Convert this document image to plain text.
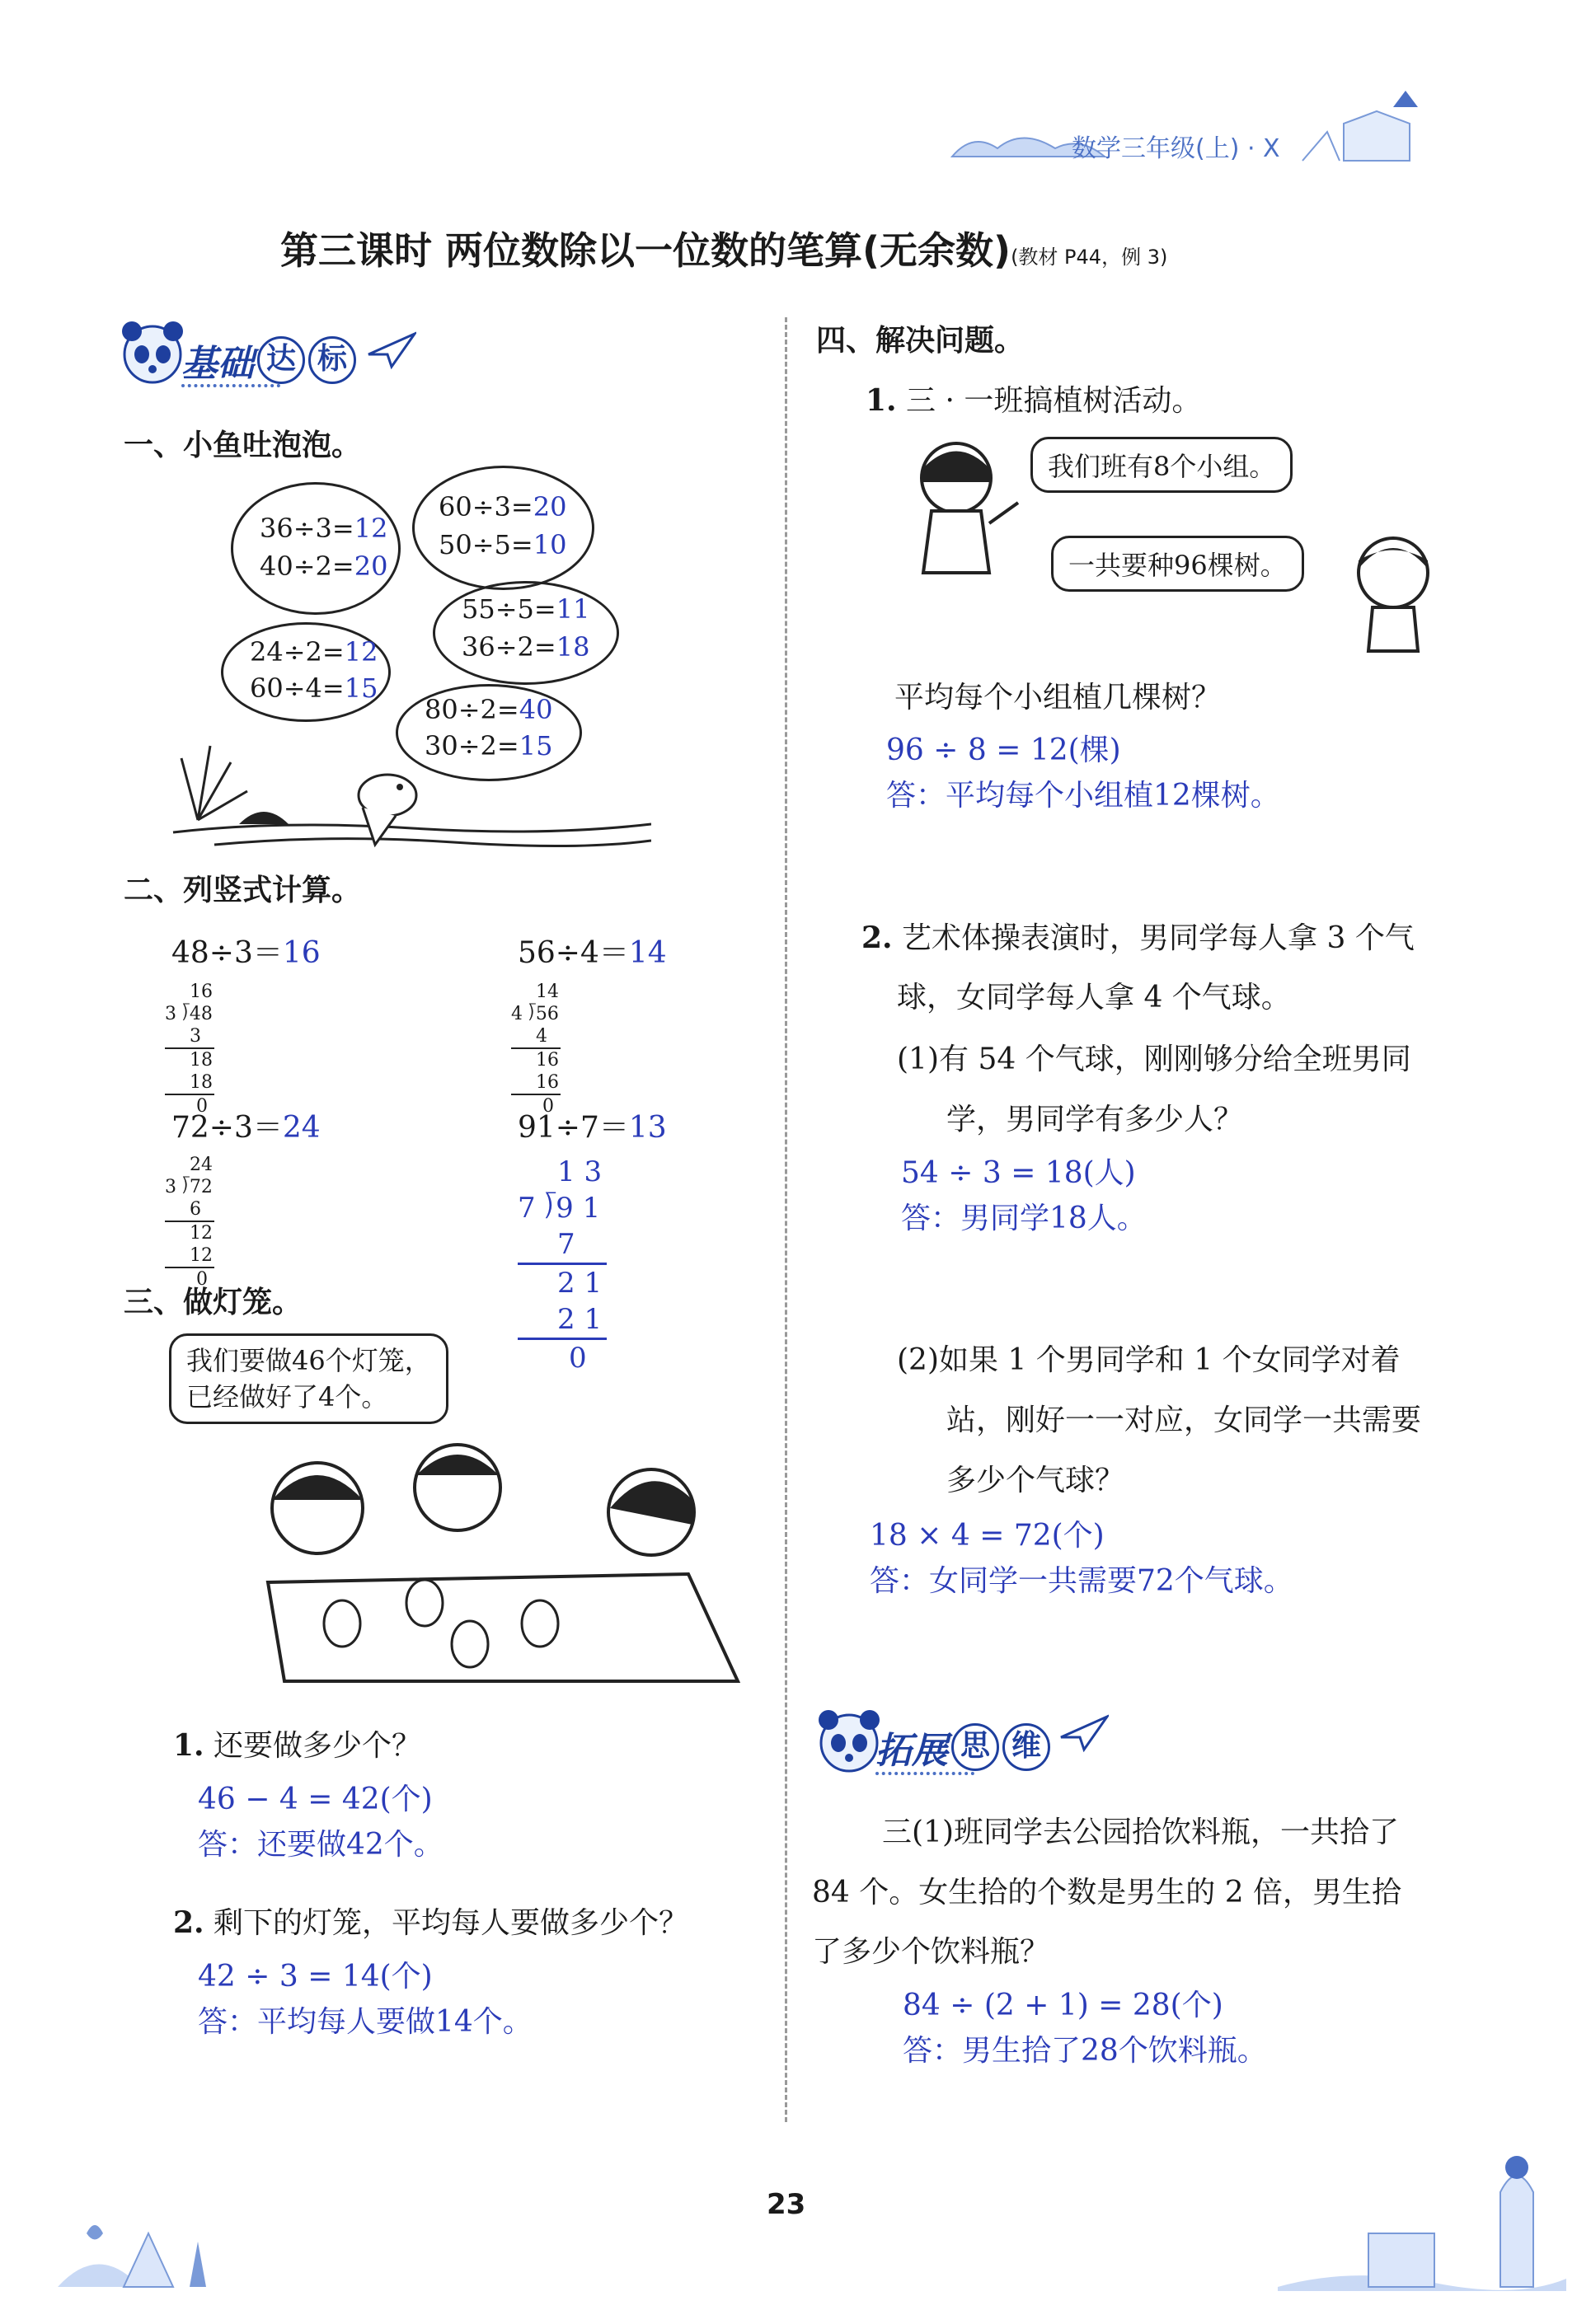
数学三年级(上) · X
第三课时 两位数除以一位数的笔算(无余数)(教材 P44，例 3)
基础 达 标
一、小鱼吐泡泡。
36÷3=12
40÷2=20
60÷3=20
50÷5=10
55÷5=11
36÷2=18
24÷2=12
60÷4=15
80÷2=40
30÷2=15
二、列竖式计算。
48÷3＝16
16
3 ⟌48
3
18
18
0
56÷4＝14
14
4 ⟌56
4
16
16
0
72÷3＝24
24
3 ⟌72
6
12
12
0
91÷7＝13
1 3
7 ⟌9 1
7
2 1
2 1
0
三、做灯笼。
我们要做46个灯笼，
已经做好了4个。
1. 还要做多少个？
46 − 4 = 42(个)
答：还要做42个。
2. 剩下的灯笼，平均每人要做多少个？
42 ÷ 3 = 14(个)
答：平均每人要做14个。
四、解决问题。
1. 三 · 一班搞植树活动。
我们班有8个小组。
一共要种96棵树。
平均每个小组植几棵树？
96 ÷ 8 = 12(棵)
答：平均每个小组植12棵树。
2. 艺术体操表演时，男同学每人拿 3 个气
球，女同学每人拿 4 个气球。
(1)有 54 个气球，刚刚够分给全班男同
学，男同学有多少人？
54 ÷ 3 = 18(人)
答：男同学18人。
(2)如果 1 个男同学和 1 个女同学对着
站，刚好一一对应，女同学一共需要
多少个气球？
18 × 4 = 72(个)
答：女同学一共需要72个气球。
拓展 思 维
三(1)班同学去公园拾饮料瓶，一共拾了
84 个。女生拾的个数是男生的 2 倍，男生拾
了多少个饮料瓶？
84 ÷ (2 + 1) = 28(个)
答：男生拾了28个饮料瓶。
23
